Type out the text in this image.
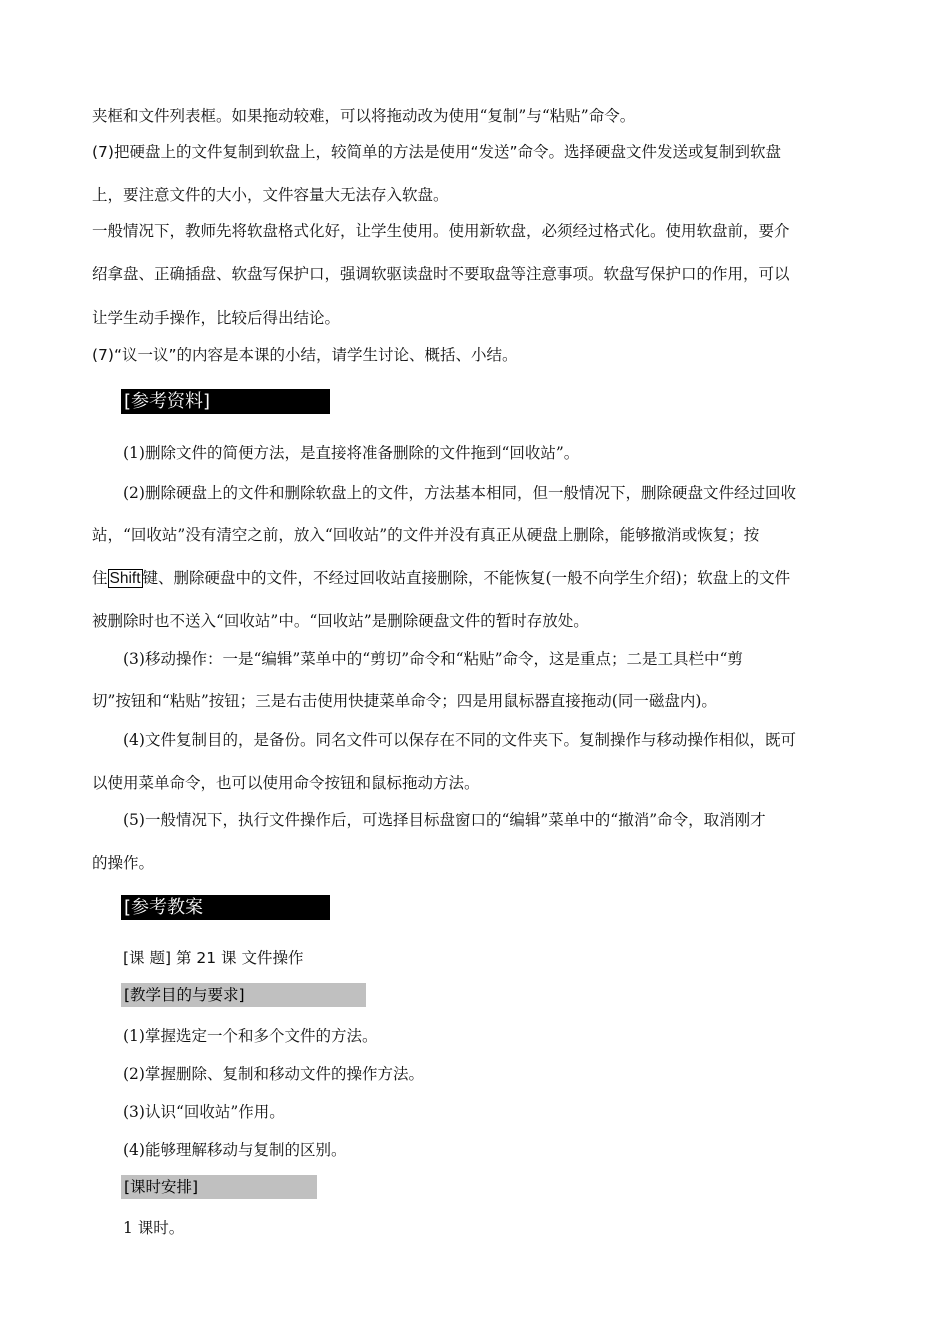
夹框和文件列表框。如果拖动较难，可以将拖动改为使用“复制”与“粘贴”命令。
(7)把硬盘上的文件复制到软盘上，较简单的方法是使用“发送”命令。选择硬盘文件发送或复制到软盘
上，要注意文件的大小，文件容量大无法存入软盘。
一般情况下，教师先将软盘格式化好，让学生使用。使用新软盘，必须经过格式化。使用软盘前，要介
绍拿盘、正确插盘、软盘写保护口，强调软驱读盘时不要取盘等注意事项。软盘写保护口的作用，可以
让学生动手操作，比较后得出结论。
(7)“议一议”的内容是本课的小结，请学生讨论、概括、小结。
[参考资料]
(1)删除文件的简便方法，是直接将准备删除的文件拖到“回收站”。
(2)删除硬盘上的文件和删除软盘上的文件，方法基本相同，但一般情况下，删除硬盘文件经过回收
站，“回收站”没有清空之前，放入“回收站”的文件并没有真正从硬盘上删除，能够撤消或恢复；按
住 Shift 键、删除硬盘中的文件，不经过回收站直接删除，不能恢复(一般不向学生介绍)；软盘上的文件
被删除时也不送入“回收站”中。“回收站”是删除硬盘文件的暂时存放处。
(3)移动操作：一是“编辑”菜单中的“剪切”命令和“粘贴”命令，这是重点；二是工具栏中“剪
切”按钮和“粘贴”按钮；三是右击使用快捷菜单命令；四是用鼠标器直接拖动(同一磁盘内)。
(4)文件复制目的，是备份。同名文件可以保存在不同的文件夹下。复制操作与移动操作相似，既可
以使用菜单命令，也可以使用命令按钮和鼠标拖动方法。
(5)一般情况下，执行文件操作后，可选择目标盘窗口的“编辑”菜单中的“撤消”命令，取消刚才
的操作。
[参考教案
[课 题] 第 21 课 文件操作
[教学目的与要求]
(1)掌握选定一个和多个文件的方法。
(2)掌握删除、复制和移动文件的操作方法。
(3)认识“回收站”作用。
(4)能够理解移动与复制的区别。
[课时安排]
1 课时。
